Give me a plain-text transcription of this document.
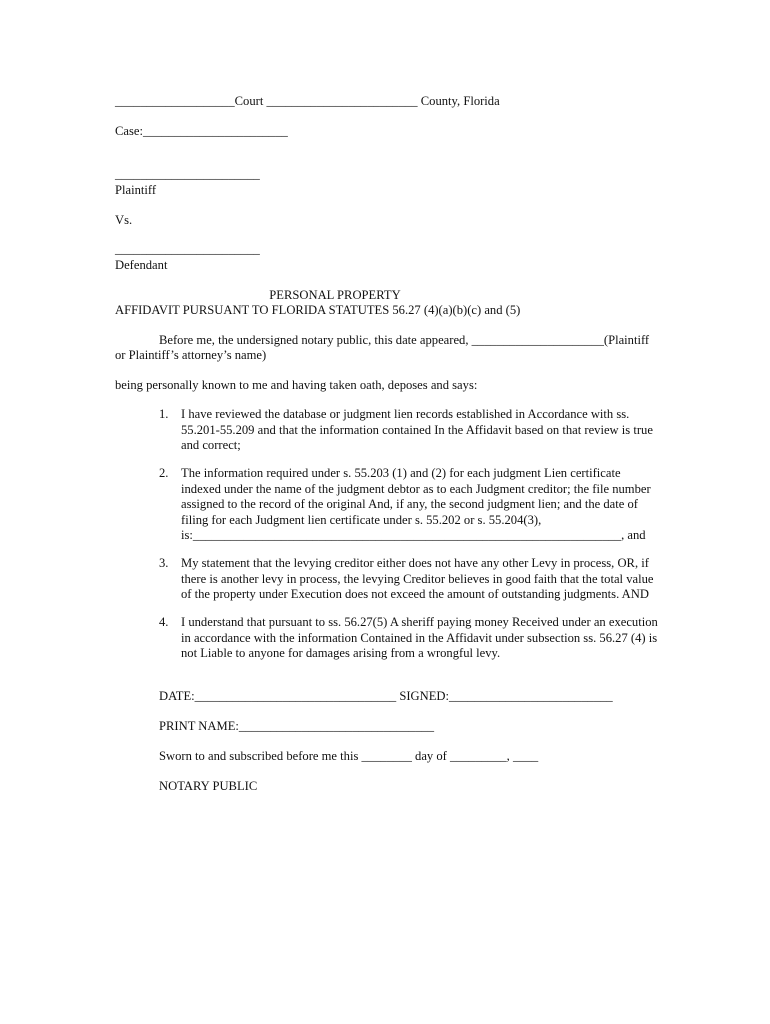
___________________Court ________________________ County, Florida
Case:_______________________
_______________________
Plaintiff
Vs.
_______________________
Defendant
PERSONAL PROPERTY
AFFIDAVIT PURSUANT TO FLORIDA STATUTES 56.27 (4)(a)(b)(c) and (5)
Before me, the undersigned notary public, this date appeared, _____________________(Plaintiff
or Plaintiff’s attorney’s name)
being personally known to me and having taken oath, deposes and says:
1. I have reviewed the database or judgment lien records established in Accordance with ss. 55.201-55.209 and that the information contained In the Affidavit based on that review is true and correct;
2. The information required under s. 55.203 (1) and (2) for each judgment Lien certificate indexed under the name of the judgment debtor as to each Judgment creditor; the file number assigned to the record of the original And, if any, the second judgment lien; and the date of filing for each Judgment lien certificate under s. 55.202 or s. 55.204(3), is:____________________________________________________________________, and
3. My statement that the levying creditor either does not have any other Levy in process, OR, if there is another levy in process, the levying Creditor believes in good faith that the total value of the property under Execution does not exceed the amount of outstanding judgments. AND
4. I understand that pursuant to ss. 56.27(5) A sheriff paying money Received under an execution in accordance with the information Contained in the Affidavit under subsection ss. 56.27 (4) is not Liable to anyone for damages arising from a wrongful levy.
DATE:________________________________ SIGNED:__________________________
PRINT NAME:_______________________________
Sworn to and subscribed before me this ________ day of _________, ____
NOTARY PUBLIC
